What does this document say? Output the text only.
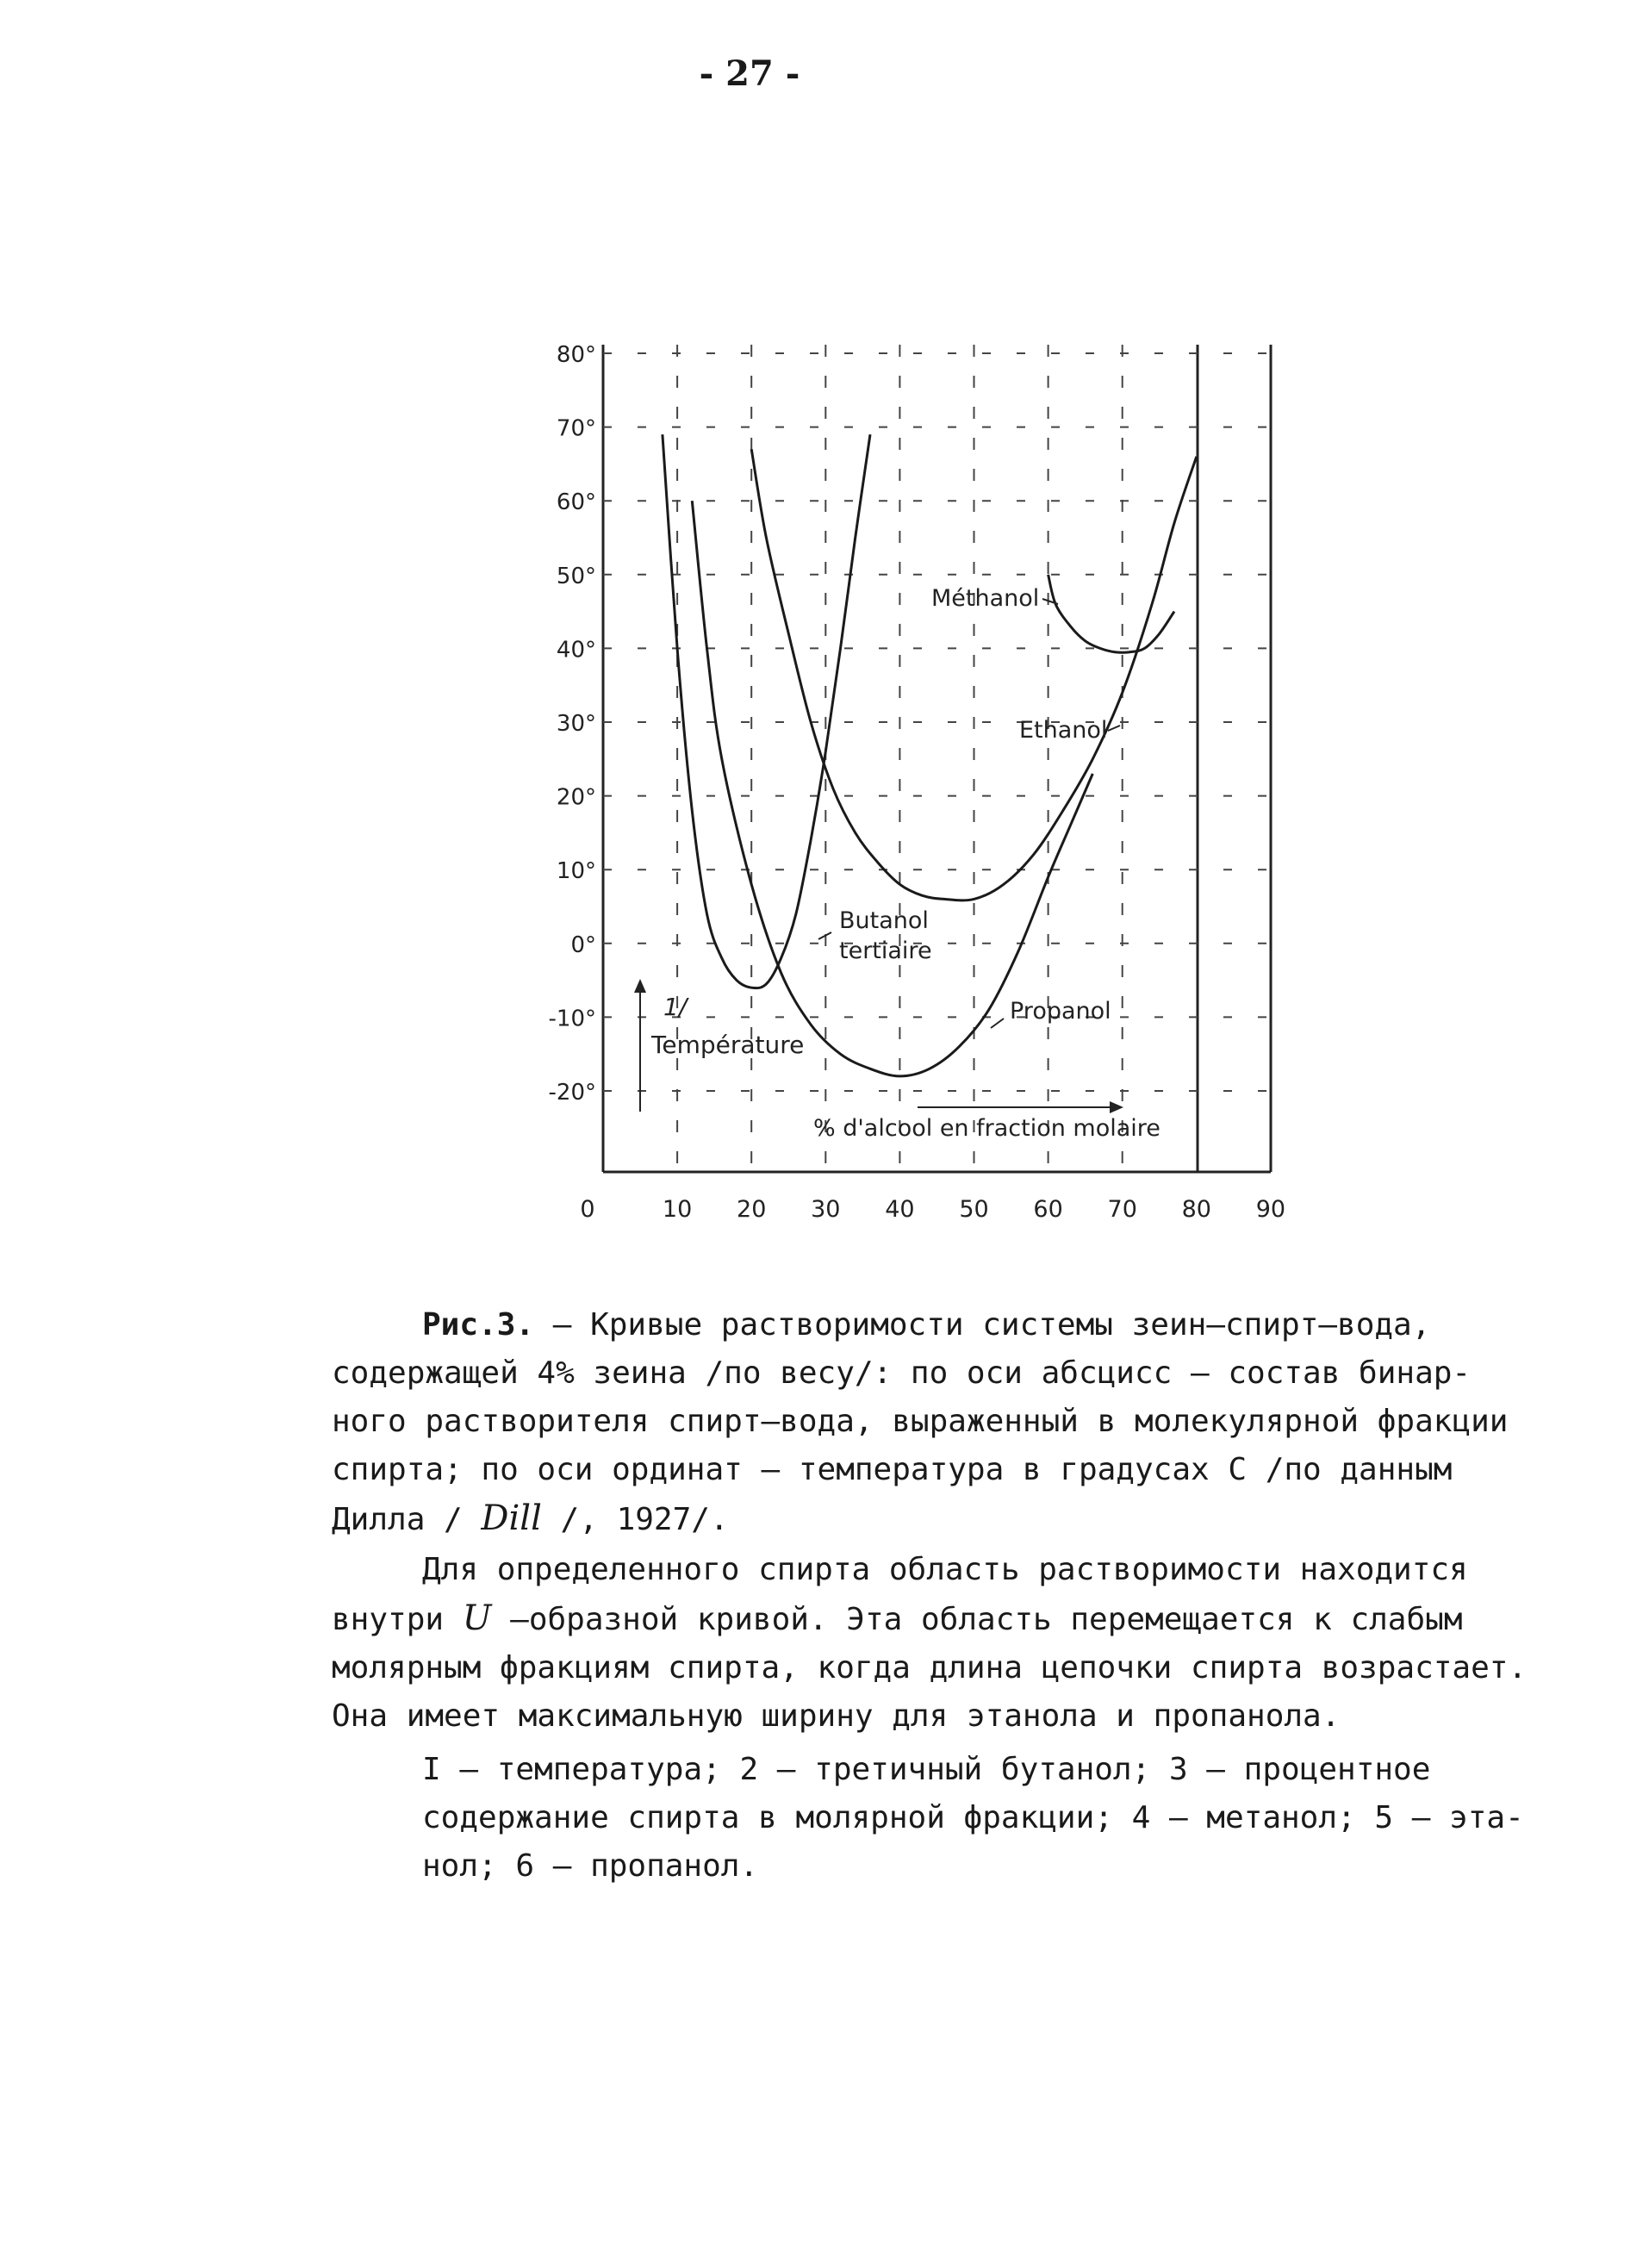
- 27 -
0	10 20 30 40 50 60 70 80 90
80°
70°
60°
50°
40°
30°
20°
10°
0°
-10°
-20°
Méthanol
Ethanol
Butanol
tertiaire
Propanol
Température
1/
% d'alcool en fraction molaire

Рис.3. – Кривые растворимости системы зеин–спирт–вода,

содержащей 4% зеина /по весу/: по оси абсцисс – состав бинар-

ного растворителя спирт–вода, выраженный в молекулярной фракции

спирта; по оси ординат – температура в градусах С /по данным

Дилла / Dill /, 1927/.

Для определенного спирта область растворимости находится

внутри U –образной кривой. Эта область перемещается к слабым

молярным фракциям спирта, когда длина цепочки спирта возрастает.

Она имеет максимальную ширину для этанола и пропанола.

I – температура; 2 – третичный бутанол; 3 – процентное

содержание спирта в молярной фракции; 4 – метанол; 5 – эта-

нол; 6 – пропанол.
